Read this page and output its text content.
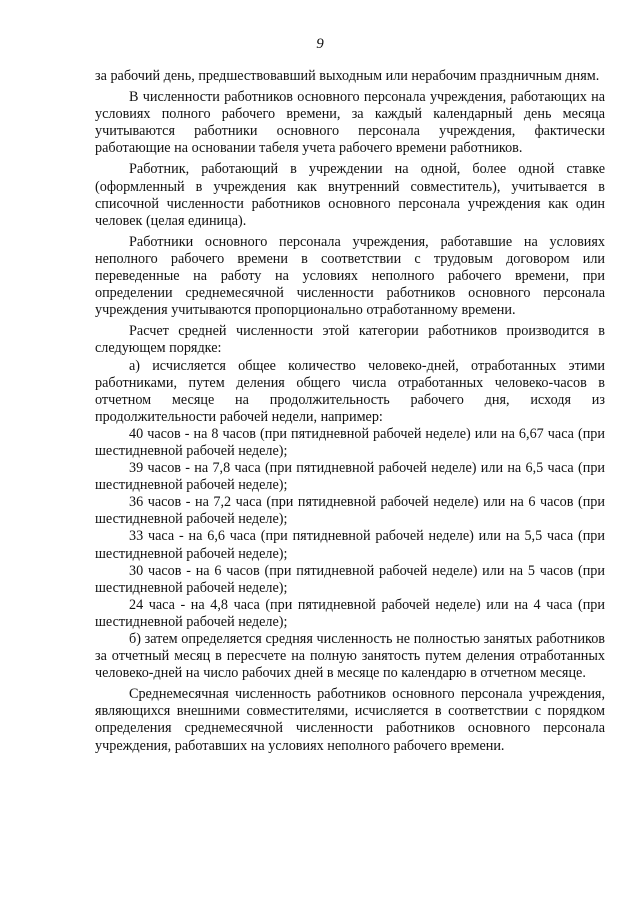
9

за рабочий день, предшествовавший выходным или нерабочим праздничным дням.

В численности работников основного персонала учреждения, работающих на условиях полного рабочего времени, за каждый календарный день месяца учитываются работники основного персонала учреждения, фактически работающие на основании табеля учета рабочего времени работников.

Работник, работающий в учреждении на одной, более одной ставке (оформленный в учреждения как внутренний совместитель), учитывается в списочной численности работников основного персонала учреждения как один человек (целая единица).

Работники основного персонала учреждения, работавшие на условиях неполного рабочего времени в соответствии с трудовым договором или переведенные на работу на условиях неполного рабочего времени, при определении среднемесячной численности работников основного персонала учреждения учитываются пропорционально отработанному времени.

Расчет средней численности этой категории работников производится в следующем порядке:

а) исчисляется общее количество человеко-дней, отработанных этими работниками, путем деления общего числа отработанных человеко-часов в отчетном месяце на продолжительность рабочего дня, исходя из продолжительности рабочей недели, например:

40 часов - на 8 часов (при пятидневной рабочей неделе) или на 6,67 часа (при шестидневной рабочей неделе);

39 часов - на 7,8 часа (при пятидневной рабочей неделе) или на 6,5 часа (при шестидневной рабочей неделе);

36 часов - на 7,2 часа (при пятидневной рабочей неделе) или на 6 часов (при шестидневной рабочей неделе);

33 часа - на 6,6 часа (при пятидневной рабочей неделе) или на 5,5 часа (при шестидневной рабочей неделе);

30 часов - на 6 часов (при пятидневной рабочей неделе) или на 5 часов (при шестидневной рабочей неделе);

24 часа - на 4,8 часа (при пятидневной рабочей неделе) или на 4 часа (при шестидневной рабочей неделе);

б) затем определяется средняя численность не полностью занятых работников за отчетный месяц в пересчете на полную занятость путем деления отработанных человеко-дней на число рабочих дней в месяце по календарю в отчетном месяце.

Среднемесячная численность работников основного персонала учреждения, являющихся внешними совместителями, исчисляется в соответствии с порядком определения среднемесячной численности работников основного персонала учреждения, работавших на условиях неполного рабочего времени.
